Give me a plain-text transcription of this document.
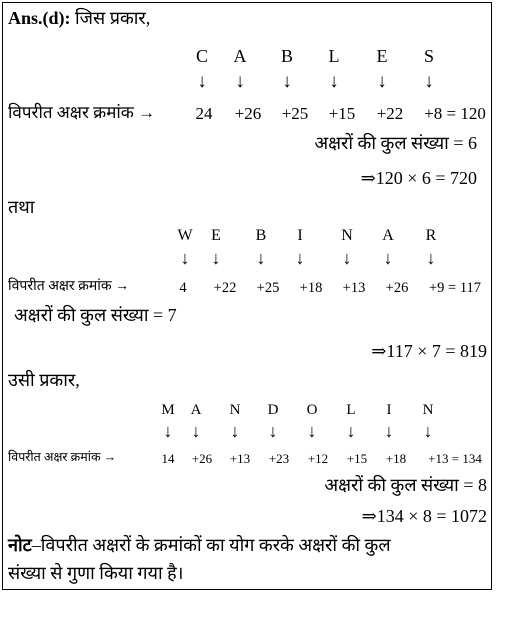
Ans.(d): जिस प्रकार,
C A B L E S
↓ ↓ ↓ ↓ ↓ ↓
विपरीत अक्षर क्रमांक → 24 +26 +25 +15 +22 +8 = 120
अक्षरों की कुल संख्या = 6
⇒120 × 6 = 720
तथा
W E B I N A R
↓ ↓ ↓ ↓ ↓ ↓ ↓
विपरीत अक्षर क्रमांक →	4 +22 +25 +18 +13 +26 +9 = 117
अक्षरों की कुल संख्या = 7
⇒117 × 7 = 819
उसी प्रकार,
M A N D O L I N
↓ ↓ ↓ ↓ ↓ ↓ ↓ ↓
विपरीत अक्षर क्रमांक →	14 +26 +13 +23 +12 +15 +18 +13 = 134
अक्षरों की कुल संख्या = 8
⇒134 × 8 = 1072
नोट–विपरीत अक्षरों के क्रमांकों का योग करके अक्षरों की कुल
संख्या से गुणा किया गया है।
